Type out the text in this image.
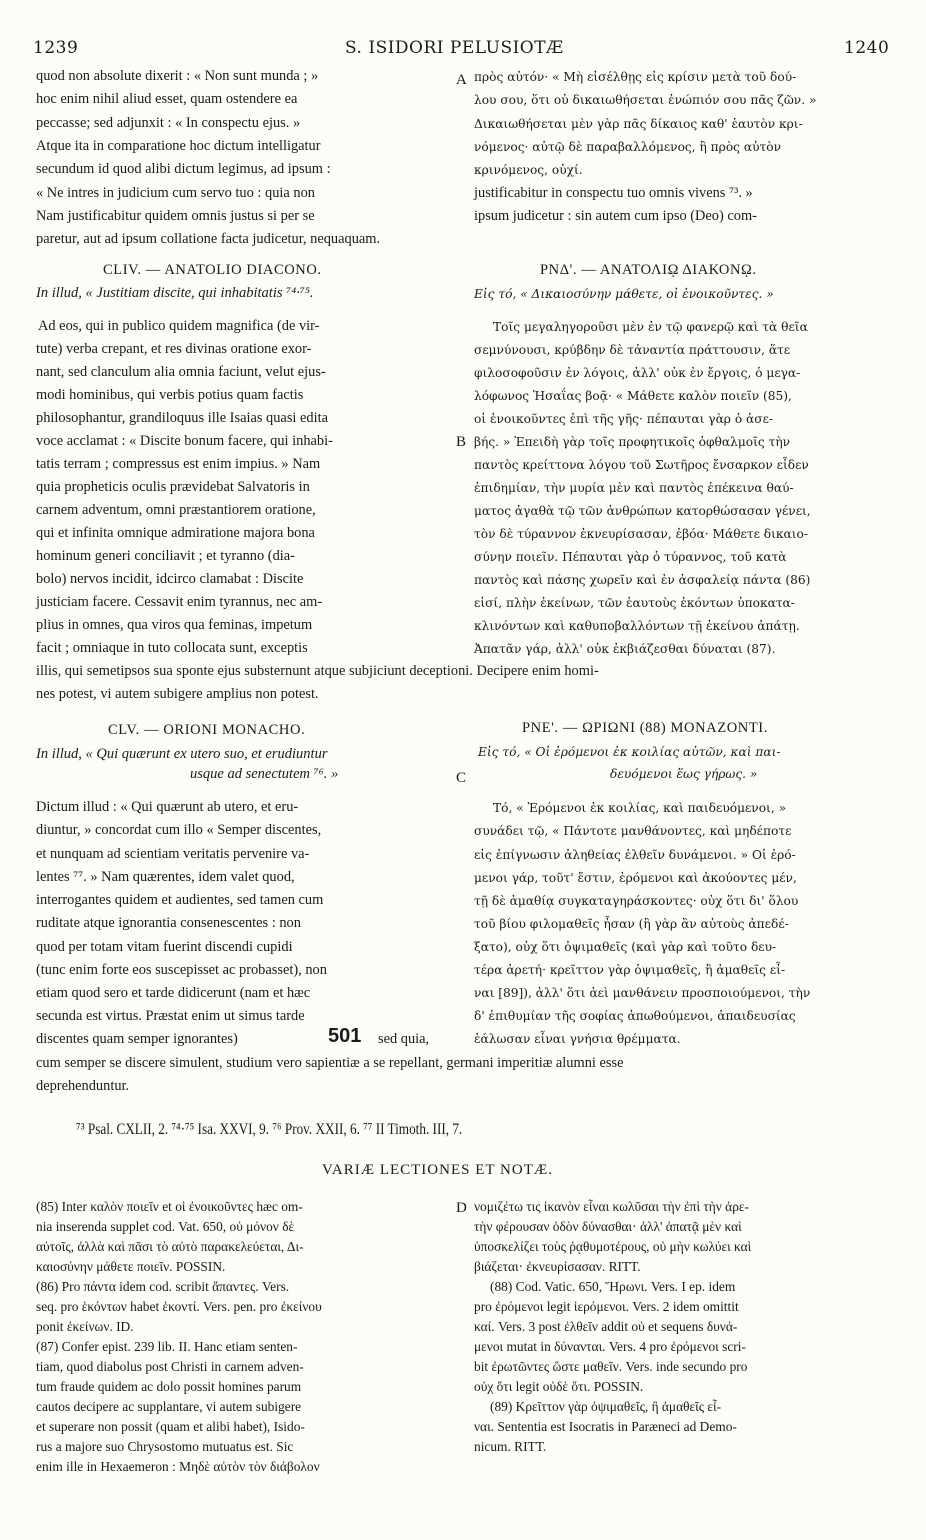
1239	S. ISIDORI PELUSIOTÆ	1240
A
B
C
D
quod non absolute dixerit : « Non sunt munda ; »
hoc enim nihil aliud esset, quam ostendere ea
peccasse; sed adjunxit : « In conspectu ejus. »
Atque ita in comparatione hoc dictum intelligatur
secundum id quod alibi dictum legimus, ad ipsum :
« Ne intres in judicium cum servo tuo : quia non
Nam justificabitur quidem omnis justus si per se
paretur, aut ad ipsum collatione facta judicetur, nequaquam.
πρὸς αὐτόν· « Μὴ εἰσέλθῃς εἰς κρίσιν μετὰ τοῦ δού-
λου σου, ὅτι οὐ δικαιωθήσεται ἐνώπιόν σου πᾶς ζῶν. »
Δικαιωθήσεται μὲν γὰρ πᾶς δίκαιος καθ' ἑαυτὸν κρι-
νόμενος· αὐτῷ δὲ παραβαλλόμενος, ἢ πρὸς αὐτὸν
κρινόμενος, οὐχί.
justificabitur in conspectu tuo omnis vivens ⁷³. »
ipsum judicetur : sin autem cum ipso (Deo) com-
CLIV. — ANATOLIO DIACONO.
In illud, « Justitiam discite, qui inhabitatis ⁷⁴·⁷⁵.
ΡΝΔ'. — ΑΝΑΤΟΛΙῼ ΔΙΑΚΟΝῼ.
Εἰς τό, « Δικαιοσύνην μάθετε, οἱ ἐνοικοῦντες. »
Ad eos, qui in publico quidem magnifica (de vir-
tute) verba crepant, et res divinas oratione exor-
nant, sed clanculum alia omnia faciunt, velut ejus-
modi hominibus, qui verbis potius quam factis
philosophantur, grandiloquus ille Isaias quasi edita
voce acclamat : « Discite bonum facere, qui inhabi-
tatis terram ; compressus est enim impius. » Nam
quia propheticis oculis prævidebat Salvatoris in
carnem adventum, omni præstantiorem oratione,
qui et infinita omnique admiratione majora bona
hominum generi conciliavit ; et tyranno (dia-
bolo) nervos incidit, idcirco clamabat : Discite
justiciam facere. Cessavit enim tyrannus, nec am-
plius in omnes, qua viros qua feminas, impetum
facit ; omniaque in tuto collocata sunt, exceptis
illis, qui semetipsos sua sponte ejus substernunt atque subjiciunt deceptioni. Decipere enim homi-
nes potest, vi autem subigere amplius non potest.
Τοῖς μεγαληγοροῦσι μὲν ἐν τῷ φανερῷ καὶ τὰ θεῖα
σεμνύνουσι, κρύβδην δὲ τἀναντία πράττουσιν, ἅτε
φιλοσοφοῦσιν ἐν λόγοις, ἀλλ' οὐκ ἐν ἔργοις, ὁ μεγα-
λόφωνος Ἡσαΐας βοᾷ· « Μάθετε καλὸν ποιεῖν (85),
οἱ ἐνοικοῦντες ἐπὶ τῆς γῆς· πέπαυται γὰρ ὁ ἀσε-
βής. » Ἐπειδὴ γὰρ τοῖς προφητικοῖς ὀφθαλμοῖς τὴν
παντὸς κρείττονα λόγου τοῦ Σωτῆρος ἔνσαρκον εἶδεν
ἐπιδημίαν, τὴν μυρία μὲν καὶ παντὸς ἐπέκεινα θαύ-
ματος ἀγαθὰ τῷ τῶν ἀνθρώπων κατορθώσασαν γένει,
τὸν δὲ τύραννον ἐκνευρίσασαν, ἐβόα· Μάθετε δικαιο-
σύνην ποιεῖν. Πέπαυται γὰρ ὁ τύραννος, τοῦ κατὰ
παντὸς καὶ πάσης χωρεῖν καὶ ἐν ἀσφαλείᾳ πάντα (86)
εἰσί, πλὴν ἐκείνων, τῶν ἑαυτοὺς ἑκόντων ὑποκατα-
κλινόντων καὶ καθυποβαλλόντων τῇ ἐκείνου ἀπάτῃ.
Ἀπατᾶν γάρ, ἀλλ' οὐκ ἐκβιάζεσθαι δύναται (87).
CLV. — ORIONI MONACHO.
In illud, « Qui quærunt ex utero suo, et erudiuntur
usque ad senectutem ⁷⁶. »
ΡΝΕ'. — ΩΡΙΩΝΙ (88) ΜΟΝΑΖΟΝΤΙ.
Εἰς τό, « Οἱ ἐρόμενοι ἐκ κοιλίας αὐτῶν, καὶ παι-
δευόμενοι ἕως γήρως. »
Dictum illud : « Qui quærunt ab utero, et eru-
diuntur, » concordat cum illo « Semper discentes,
et nunquam ad scientiam veritatis pervenire va-
lentes ⁷⁷. » Nam quærentes, idem valet quod,
interrogantes quidem et audientes, sed tamen cum
ruditate atque ignorantia consenescentes : non
quod per totam vitam fuerint discendi cupidi
(tunc enim forte eos suscepisset ac probasset), non
etiam quod sero et tarde didicerunt (nam et hæc
secunda est virtus. Præstat enim ut simus tarde
discentes quam semper ignorantes)	501 sed quia,
cum semper se discere simulent, studium vero sapientiæ a se repellant, germani imperitiæ alumni esse
deprehenduntur.
Τό, « Ἐρόμενοι ἐκ κοιλίας, καὶ παιδευόμενοι, »
συνάδει τῷ, « Πάντοτε μανθάνοντες, καὶ μηδέποτε
εἰς ἐπίγνωσιν ἀληθείας ἐλθεῖν δυνάμενοι. » Οἱ ἐρό-
μενοι γάρ, τοῦτ' ἔστιν, ἐρόμενοι καὶ ἀκούοντες μέν,
τῇ δὲ ἀμαθίᾳ συγκαταγηράσκοντες· οὐχ ὅτι δι' ὅλου
τοῦ βίου φιλομαθεῖς ἦσαν (ἢ γὰρ ἂν αὐτοὺς ἀπεδέ-
ξατο), οὐχ ὅτι ὀψιμαθεῖς (καὶ γὰρ καὶ τοῦτο δευ-
τέρα ἀρετή· κρεῖττον γὰρ ὀψιμαθεῖς, ἢ ἀμαθεῖς εἶ-
ναι [89]), ἀλλ' ὅτι ἀεὶ μανθάνειν προσποιούμενοι, τὴν
δ' ἐπιθυμίαν τῆς σοφίας ἀπωθούμενοι, ἀπαιδευσίας
ἑάλωσαν εἶναι γνήσια θρέμματα.
⁷³ Psal. CXLII, 2. ⁷⁴·⁷⁵ Isa. XXVI, 9. ⁷⁶ Prov. XXII, 6. ⁷⁷ II Timoth. III, 7.
VARIÆ LECTIONES ET NOTÆ.
(85) Inter καλὸν ποιεῖν et οἱ ἐνοικοῦντες hæc om-
nia inserenda supplet cod. Vat. 650, οὐ μόνον δὲ
αὐτοῖς, ἀλλὰ καὶ πᾶσι τὸ αὐτὸ παρακελεύεται, Δι-
καιοσύνην μάθετε ποιεῖν. POSSIN.
(86) Pro πάντα idem cod. scribit ἅπαντες. Vers.
seq. pro ἑκόντων habet ἑκοντί. Vers. pen. pro ἐκείνου
ponit ἐκείνων. ID.
(87) Confer epist. 239 lib. II. Hanc etiam senten-
tiam, quod diabolus post Christi in carnem adven-
tum fraude quidem ac dolo possit homines parum
cautos decipere ac supplantare, vi autem subigere
et superare non possit (quam et alibi habet), Isido-
rus a majore suo Chrysostomo mutuatus est. Sic
enim ille in Hexaemeron : Μηδὲ αὐτὸν τὸν διάβολον
νομιζέτω τις ἱκανὸν εἶναι κωλῦσαι τὴν ἐπὶ τὴν ἀρε-
τὴν φέρουσαν ὁδὸν δύνασθαι· ἀλλ' ἀπατᾷ μὲν καὶ
ὑποσκελίζει τοὺς ῥᾳθυμοτέρους, οὐ μὴν κωλύει καὶ
βιάζεται· ἐκνευρίσασαν. RITT.
(88) Cod. Vatic. 650, Ἥρωνι. Vers. I ep. idem
pro ἐρόμενοι legit ἱερόμενοι. Vers. 2 idem omittit
καί. Vers. 3 post ἐλθεῖν addit οὐ et sequens δυνά-
μενοι mutat in δύνανται. Vers. 4 pro ἐρόμενοι scri-
bit ἐρωτῶντες ὥστε μαθεῖν. Vers. inde secundo pro
οὐχ ὅτι legit οὐδὲ ὅτι. POSSIN.
(89) Κρεῖττον γὰρ ὀψιμαθεῖς, ἢ ἀμαθεῖς εἶ-
ναι. Sententia est Isocratis in Paræneci ad Demo-
nicum. RITT.
